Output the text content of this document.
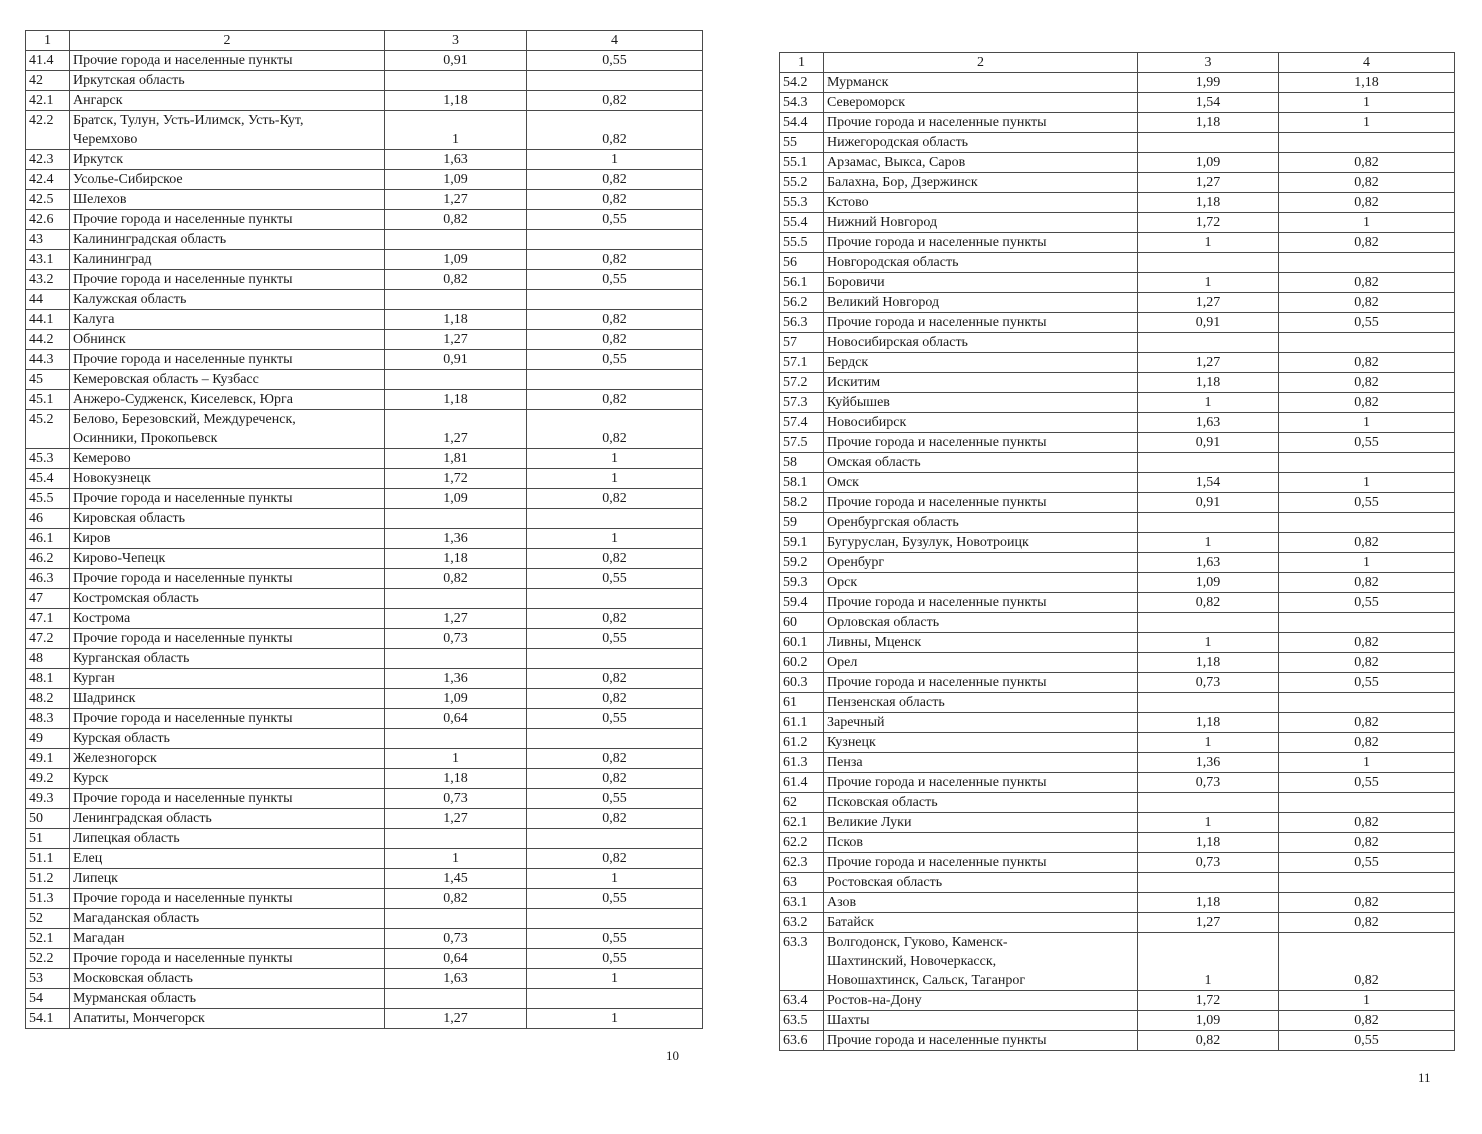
1	2	3	4
41.4	Прочие города и населенные пункты	0,91	0,55
42	Иркутская область		
42.1	Ангарск	1,18	0,82
42.2	Братск, Тулун, Усть-Илимск, Усть-Кут,
Черемхово	1	0,82
42.3	Иркутск	1,63	1
42.4	Усолье-Сибирское	1,09	0,82
42.5	Шелехов	1,27	0,82
42.6	Прочие города и населенные пункты	0,82	0,55
43	Калининградская область		
43.1	Калининград	1,09	0,82
43.2	Прочие города и населенные пункты	0,82	0,55
44	Калужская область		
44.1	Калуга	1,18	0,82
44.2	Обнинск	1,27	0,82
44.3	Прочие города и населенные пункты	0,91	0,55
45	Кемеровская область – Кузбасс		
45.1	Анжеро-Судженск, Киселевск, Юрга	1,18	0,82
45.2	Белово, Березовский, Междуреченск,
Осинники, Прокопьевск	1,27	0,82
45.3	Кемерово	1,81	1
45.4	Новокузнецк	1,72	1
45.5	Прочие города и населенные пункты	1,09	0,82
46	Кировская область		
46.1	Киров	1,36	1
46.2	Кирово-Чепецк	1,18	0,82
46.3	Прочие города и населенные пункты	0,82	0,55
47	Костромская область		
47.1	Кострома	1,27	0,82
47.2	Прочие города и населенные пункты	0,73	0,55
48	Курганская область		
48.1	Курган	1,36	0,82
48.2	Шадринск	1,09	0,82
48.3	Прочие города и населенные пункты	0,64	0,55
49	Курская область		
49.1	Железногорск	1	0,82
49.2	Курск	1,18	0,82
49.3	Прочие города и населенные пункты	0,73	0,55
50	Ленинградская область	1,27	0,82
51	Липецкая область		
51.1	Елец	1	0,82
51.2	Липецк	1,45	1
51.3	Прочие города и населенные пункты	0,82	0,55
52	Магаданская область		
52.1	Магадан	0,73	0,55
52.2	Прочие города и населенные пункты	0,64	0,55
53	Московская область	1,63	1
54	Мурманская область		
54.1	Апатиты, Мончегорск	1,27	1
10
1	2	3	4
54.2	Мурманск	1,99	1,18
54.3	Североморск	1,54	1
54.4	Прочие города и населенные пункты	1,18	1
55	Нижегородская область		
55.1	Арзамас, Выкса, Саров	1,09	0,82
55.2	Балахна, Бор, Дзержинск	1,27	0,82
55.3	Кстово	1,18	0,82
55.4	Нижний Новгород	1,72	1
55.5	Прочие города и населенные пункты	1	0,82
56	Новгородская область		
56.1	Боровичи	1	0,82
56.2	Великий Новгород	1,27	0,82
56.3	Прочие города и населенные пункты	0,91	0,55
57	Новосибирская область		
57.1	Бердск	1,27	0,82
57.2	Искитим	1,18	0,82
57.3	Куйбышев	1	0,82
57.4	Новосибирск	1,63	1
57.5	Прочие города и населенные пункты	0,91	0,55
58	Омская область		
58.1	Омск	1,54	1
58.2	Прочие города и населенные пункты	0,91	0,55
59	Оренбургская область		
59.1	Бугуруслан, Бузулук, Новотроицк	1	0,82
59.2	Оренбург	1,63	1
59.3	Орск	1,09	0,82
59.4	Прочие города и населенные пункты	0,82	0,55
60	Орловская область		
60.1	Ливны, Мценск	1	0,82
60.2	Орел	1,18	0,82
60.3	Прочие города и населенные пункты	0,73	0,55
61	Пензенская область		
61.1	Заречный	1,18	0,82
61.2	Кузнецк	1	0,82
61.3	Пенза	1,36	1
61.4	Прочие города и населенные пункты	0,73	0,55
62	Псковская область		
62.1	Великие Луки	1	0,82
62.2	Псков	1,18	0,82
62.3	Прочие города и населенные пункты	0,73	0,55
63	Ростовская область		
63.1	Азов	1,18	0,82
63.2	Батайск	1,27	0,82
63.3	Волгодонск, Гуково, Каменск-
Шахтинский, Новочеркасск,
Новошахтинск, Сальск, Таганрог	1	0,82
63.4	Ростов-на-Дону	1,72	1
63.5	Шахты	1,09	0,82
63.6	Прочие города и населенные пункты	0,82	0,55
11
